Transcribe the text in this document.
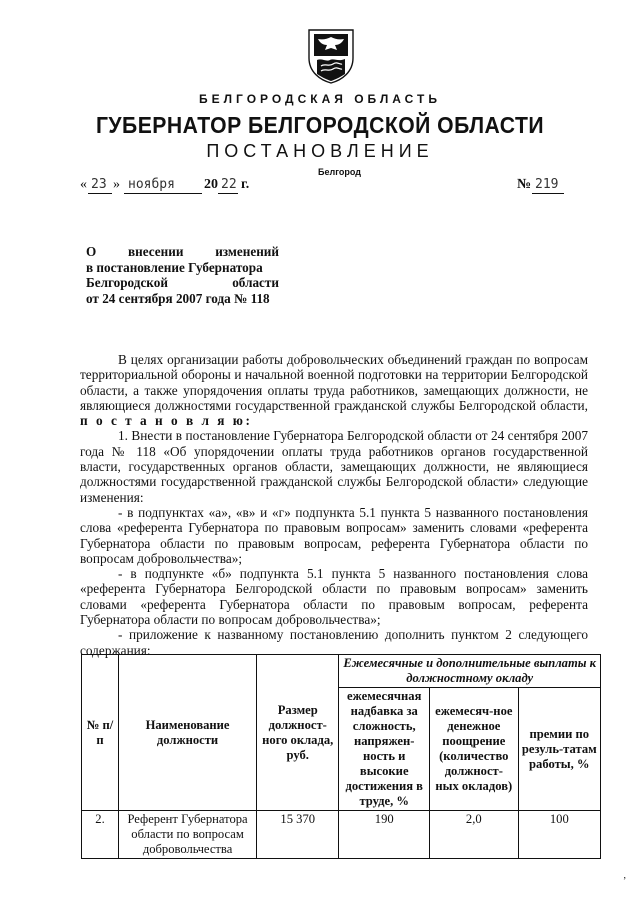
БЕЛГОРОДСКАЯ ОБЛАСТЬ
ГУБЕРНАТОР БЕЛГОРОДСКОЙ ОБЛАСТИ
ПОСТАНОВЛЕНИЕ
Белгород
« 23 » ноября 20 22 г.	№ 219
О внесении изменений
в постановление Губернатора
Белгородской области
от 24 сентября 2007 года № 118

В целях организации работы добровольческих объединений граждан по вопросам территориальной обороны и начальной военной подготовки на территории Белгородской области, а также упорядочения оплаты труда работников, замещающих должности, не являющиеся должностями государственной гражданской службы Белгородской области, п о с т а н о в л я ю:

1. Внести в постановление Губернатора Белгородской области от 24 сентября 2007 года № 118 «Об упорядочении оплаты труда работников органов государственной власти, государственных органов области, замещающих должности, не являющиеся должностями государственной гражданской службы Белгородской области» следующие изменения:

- в подпунктах «а», «в» и «г» подпункта 5.1 пункта 5 названного постановления слова «референта Губернатора по правовым вопросам» заменить словами «референта Губернатора области по правовым вопросам, референта Губернатора области по вопросам добровольчества»;

- в подпункте «б» подпункта 5.1 пункта 5 названного постановления слова «референта Губернатора Белгородской области по правовым вопросам» заменить словами «референта Губернатора области по правовым вопросам, референта Губернатора области по вопросам добровольчества»;

- приложение к названному постановлению дополнить пунктом 2 следующего содержания:

№ п/п	Наименование должности	Размер должност-ного оклада, руб.	Ежемесячные и дополнительные выплаты к должностному окладу		
			ежемесячная надбавка за сложность, напряжен-ность и высокие достижения в труде, %	ежемесяч-ное денежное поощрение (количество должност-ных окладов)	премии по резуль-татам работы, %
2.	Референт Губернатора области по вопросам добровольчества	15 370	190	2,0	100
’
